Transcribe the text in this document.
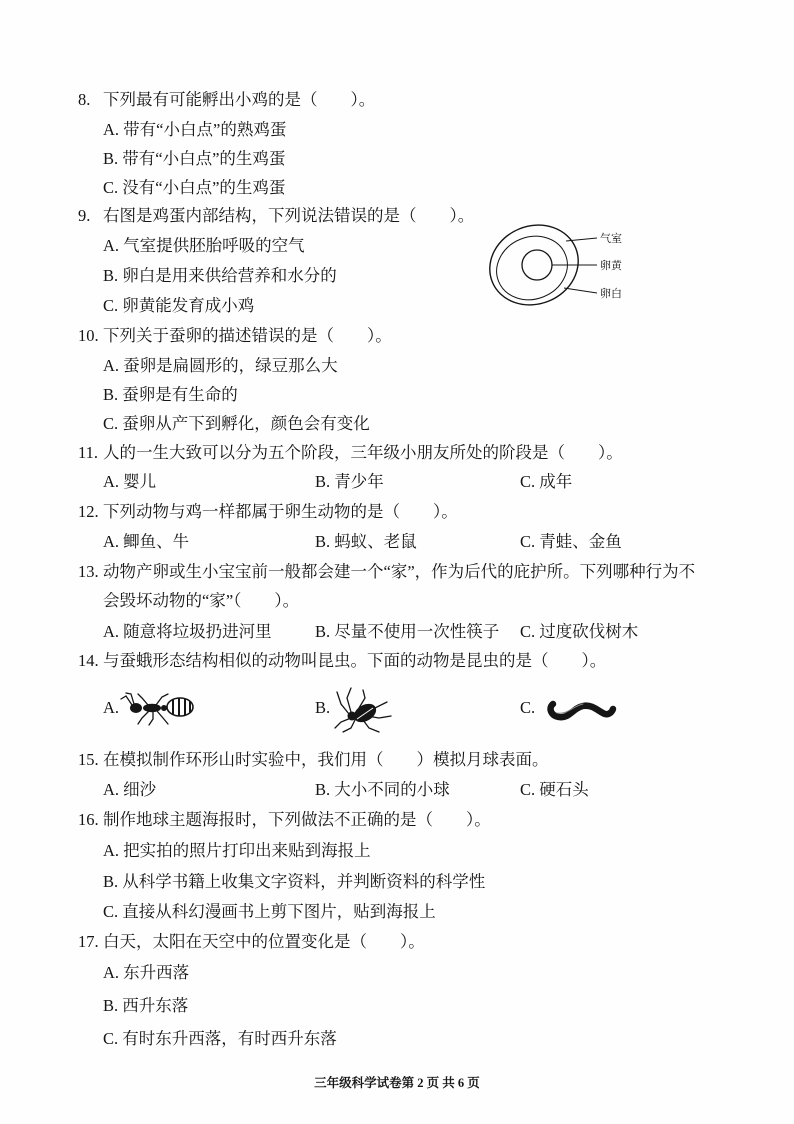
8. 下列最有可能孵出小鸡的是（　　）。
A. 带有“小白点”的熟鸡蛋
B. 带有“小白点”的生鸡蛋
C. 没有“小白点”的生鸡蛋
9. 右图是鸡蛋内部结构，下列说法错误的是（　　）。
A. 气室提供胚胎呼吸的空气
B. 卵白是用来供给营养和水分的
C. 卵黄能发育成小鸡
气室
卵黄
卵白
10. 下列关于蚕卵的描述错误的是（　　）。
A. 蚕卵是扁圆形的，绿豆那么大
B. 蚕卵是有生命的
C. 蚕卵从产下到孵化，颜色会有变化
11. 人的一生大致可以分为五个阶段，三年级小朋友所处的阶段是（　　）。
A. 婴儿	B. 青少年	C. 成年
12. 下列动物与鸡一样都属于卵生动物的是（　　）。
A. 鲫鱼、牛	B. 蚂蚁、老鼠	C. 青蛙、金鱼
13. 动物产卵或生小宝宝前一般都会建一个“家”，作为后代的庇护所。下列哪种行为不
会毁坏动物的“家”（　　）。
A. 随意将垃圾扔进河里	B. 尽量不使用一次性筷子 C. 过度砍伐树木
14. 与蚕蛾形态结构相似的动物叫昆虫。下面的动物是昆虫的是（　　）。
A.	B.	C.
15. 在模拟制作环形山时实验中，我们用（　　）模拟月球表面。
A. 细沙	B. 大小不同的小球	C. 硬石头
16. 制作地球主题海报时，下列做法不正确的是（　　）。
A. 把实拍的照片打印出来贴到海报上
B. 从科学书籍上收集文字资料，并判断资料的科学性
C. 直接从科幻漫画书上剪下图片，贴到海报上
17. 白天，太阳在天空中的位置变化是（　　）。
A. 东升西落
B. 西升东落
C. 有时东升西落，有时西升东落
三年级科学试卷第 2 页 共 6 页
